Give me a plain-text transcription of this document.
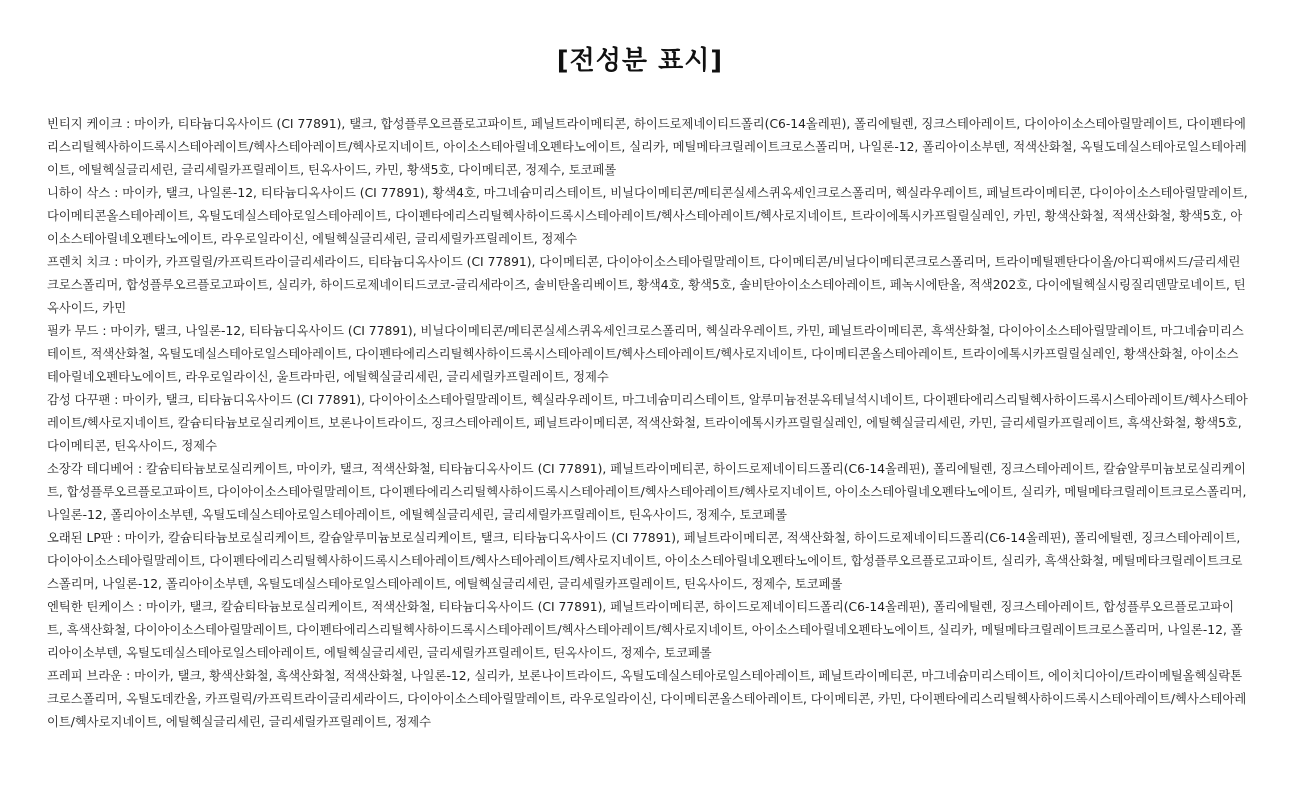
[전성분 표시]
빈티지 케이크 : 마이카, 티타늄디옥사이드 (CI 77891), 탤크, 합성플루오르플로고파이트, 페닐트라이메티콘, 하이드로제네이티드폴리(C6-14올레핀), 폴리에틸렌, 징크스테아레이트, 다이아이소스테아릴말레이트, 다이펜타에리스리틸헥사하이드록시스테아레이트/헥사스테아레이트/헥사로지네이트, 아이소스테아릴네오펜타노에이트, 실리카, 메틸메타크릴레이트크로스폴리머, 나일론-12, 폴리아이소부텐, 적색산화철, 옥틸도데실스테아로일스테아레이트, 에틸헥실글리세린, 글리세릴카프릴레이트, 틴옥사이드, 카민, 황색5호, 다이메티콘, 정제수, 토코페롤
니하이 삭스 : 마이카, 탤크, 나일론-12, 티타늄디옥사이드 (CI 77891), 황색4호, 마그네슘미리스테이트, 비닐다이메티콘/메티콘실세스퀴옥세인크로스폴리머, 헥실라우레이트, 페닐트라이메티콘, 다이아이소스테아릴말레이트, 다이메티콘올스테아레이트, 옥틸도데실스테아로일스테아레이트, 다이펜타에리스리틸헥사하이드록시스테아레이트/헥사스테아레이트/헥사로지네이트, 트라이에톡시카프릴릴실레인, 카민, 황색산화철, 적색산화철, 황색5호, 아이소스테아릴네오펜타노에이트, 라우로일라이신, 에틸헥실글리세린, 글리세릴카프릴레이트, 정제수
프렌치 치크 : 마이카, 카프릴릴/카프릭트라이글리세라이드, 티타늄디옥사이드 (CI 77891), 다이메티콘, 다이아이소스테아릴말레이트, 다이메티콘/비닐다이메티콘크로스폴리머, 트라이메틸펜탄다이올/아디픽애씨드/글리세린크로스폴리머, 합성플루오르플로고파이트, 실리카, 하이드로제네이티드코코-글리세라이즈, 솔비탄올리베이트, 황색4호, 황색5호, 솔비탄아이소스테아레이트, 페녹시에탄올, 적색202호, 다이에틸헥실시링질리덴말로네이트, 틴옥사이드, 카민
필카 무드 : 마이카, 탤크, 나일론-12, 티타늄디옥사이드 (CI 77891), 비닐다이메티콘/메티콘실세스퀴옥세인크로스폴리머, 헥실라우레이트, 카민, 페닐트라이메티콘, 흑색산화철, 다이아이소스테아릴말레이트, 마그네슘미리스테이트, 적색산화철, 옥틸도데실스테아로일스테아레이트, 다이펜타에리스리틸헥사하이드록시스테아레이트/헥사스테아레이트/헥사로지네이트, 다이메티콘올스테아레이트, 트라이에톡시카프릴릴실레인, 황색산화철, 아이소스테아릴네오펜타노에이트, 라우로일라이신, 울트라마린, 에틸헥실글리세린, 글리세릴카프릴레이트, 정제수
감성 다꾸팬 : 마이카, 탤크, 티타늄디옥사이드 (CI 77891), 다이아이소스테아릴말레이트, 헥실라우레이트, 마그네슘미리스테이트, 알루미늄전분옥테닐석시네이트, 다이펜타에리스리틸헥사하이드록시스테아레이트/헥사스테아레이트/헥사로지네이트, 칼슘티타늄보로실리케이트, 보론나이트라이드, 징크스테아레이트, 페닐트라이메티콘, 적색산화철, 트라이에톡시카프릴릴실레인, 에틸헥실글리세린, 카민, 글리세릴카프릴레이트, 흑색산화철, 황색5호, 다이메티콘, 틴옥사이드, 정제수
소장각 테디베어 : 칼슘티타늄보로실리케이트, 마이카, 탤크, 적색산화철, 티타늄디옥사이드 (CI 77891), 페닐트라이메티콘, 하이드로제네이티드폴리(C6-14올레핀), 폴리에틸렌, 징크스테아레이트, 칼슘알루미늄보로실리케이트, 합성플루오르플로고파이트, 다이아이소스테아릴말레이트, 다이펜타에리스리틸헥사하이드록시스테아레이트/헥사스테아레이트/헥사로지네이트, 아이소스테아릴네오펜타노에이트, 실리카, 메틸메타크릴레이트크로스폴리머, 나일론-12, 폴리아이소부텐, 옥틸도데실스테아로일스테아레이트, 에틸헥실글리세린, 글리세릴카프릴레이트, 틴옥사이드, 정제수, 토코페롤
오래된 LP판 : 마이카, 칼슘티타늄보로실리케이트, 칼슘알루미늄보로실리케이트, 탤크, 티타늄디옥사이드 (CI 77891), 페닐트라이메티콘, 적색산화철, 하이드로제네이티드폴리(C6-14올레핀), 폴리에틸렌, 징크스테아레이트, 다이아이소스테아릴말레이트, 다이펜타에리스리틸헥사하이드록시스테아레이트/헥사스테아레이트/헥사로지네이트, 아이소스테아릴네오펜타노에이트, 합성플루오르플로고파이트, 실리카, 흑색산화철, 메틸메타크릴레이트크로스폴리머, 나일론-12, 폴리아이소부텐, 옥틸도데실스테아로일스테아레이트, 에틸헥실글리세린, 글리세릴카프릴레이트, 틴옥사이드, 정제수, 토코페롤
엔틱한 틴케이스 : 마이카, 탤크, 칼슘티타늄보로실리케이트, 적색산화철, 티타늄디옥사이드 (CI 77891), 페닐트라이메티콘, 하이드로제네이티드폴리(C6-14올레핀), 폴리에틸렌, 징크스테아레이트, 합성플루오르플로고파이트, 흑색산화철, 다이아이소스테아릴말레이트, 다이펜타에리스리틸헥사하이드록시스테아레이트/헥사스테아레이트/헥사로지네이트, 아이소스테아릴네오펜타노에이트, 실리카, 메틸메타크릴레이트크로스폴리머, 나일론-12, 폴리아이소부텐, 옥틸도데실스테아로일스테아레이트, 에틸헥실글리세린, 글리세릴카프릴레이트, 틴옥사이드, 정제수, 토코페롤
프레피 브라운 : 마이카, 탤크, 황색산화철, 흑색산화철, 적색산화철, 나일론-12, 실리카, 보론나이트라이드, 옥틸도데실스테아로일스테아레이트, 페닐트라이메티콘, 마그네슘미리스테이트, 에이치디아이/트라이메틸올헥실락톤크로스폴리머, 옥틸도데칸올, 카프릴릭/카프릭트라이글리세라이드, 다이아이소스테아릴말레이트, 라우로일라이신, 다이메티콘올스테아레이트, 다이메티콘, 카민, 다이펜타에리스리틸헥사하이드록시스테아레이트/헥사스테아레이트/헥사로지네이트, 에틸헥실글리세린, 글리세릴카프릴레이트, 정제수
